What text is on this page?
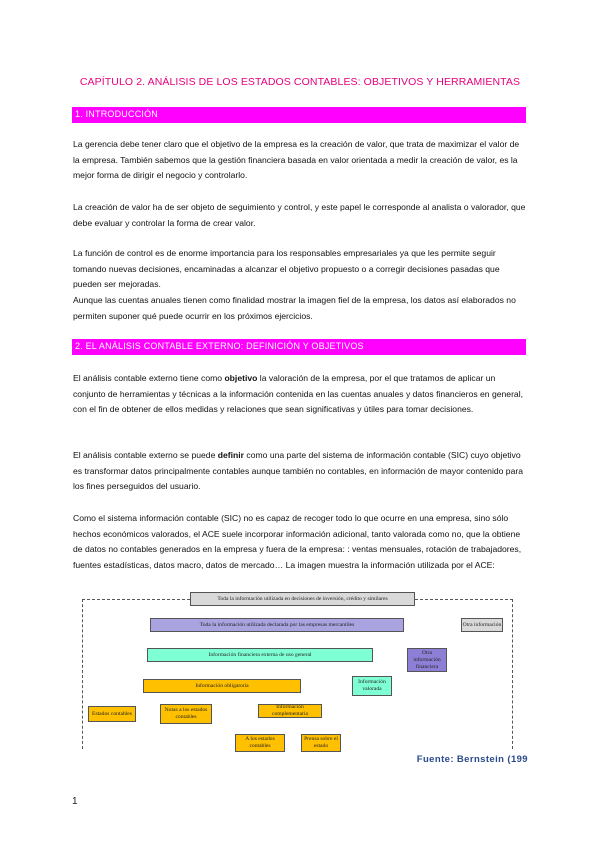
CAPÍTULO 2. ANÁLISIS DE LOS ESTADOS CONTABLES: OBJETIVOS Y HERRAMIENTAS
1. INTRODUCCIÓN

La gerencia debe tener claro que el objetivo de la empresa es la creación de valor, que trata de maximizar el valor de la empresa. También sabemos que la gestión financiera basada en valor orientada a medir la creación de valor, es la mejor forma de dirigir el negocio y controlarlo.

La creación de valor ha de ser objeto de seguimiento y control, y este papel le corresponde al analista o valorador, que debe evaluar y controlar la forma de crear valor.

La función de control es de enorme importancia para los responsables empresariales ya que les permite seguir tomando nuevas decisiones, encaminadas a alcanzar el objetivo propuesto o a corregir decisiones pasadas que pueden ser mejoradas.

Aunque las cuentas anuales tienen como finalidad mostrar la imagen fiel de la empresa, los datos así elaborados no permiten suponer qué puede ocurrir en los próximos ejercicios.

2. EL ANÁLISIS CONTABLE EXTERNO: DEFINICIÓN Y OBJETIVOS

El análisis contable externo tiene como objetivo la valoración de la empresa, por el que tratamos de aplicar un conjunto de herramientas y técnicas a la información contenida en las cuentas anuales y datos financieros en general, con el fin de obtener de ellos medidas y relaciones que sean significativas y útiles para tomar decisiones.

El análisis contable externo se puede definir como una parte del sistema de información contable (SIC) cuyo objetivo es transformar datos principalmente contables aunque también no contables, en información de mayor contenido para los fines perseguidos del usuario.

Como el sistema información contable (SIC) no es capaz de recoger todo lo que ocurre en una empresa, sino sólo hechos económicos valorados, el ACE suele incorporar información adicional, tanto valorada como no, que la obtiene de datos no contables generados en la empresa y fuera de la empresa: : ventas mensuales, rotación de trabajadores, fuentes estadísticas, datos macro, datos de mercado… La imagen muestra la información utilizada por el ACE:

Toda la información utilizada en decisiones de inversión, crédito y similares
Toda la información utilizada declarada por las empresas mercantiles	Otra información
Información financiera externa de uso general	Otra información financiera
Información obligatoria
Información valorada
Estados contables
Notas a los estados contables
Información complementaria
A los estados contables
Prensa sobre el estado
Fuente: Bernstein (199
1
